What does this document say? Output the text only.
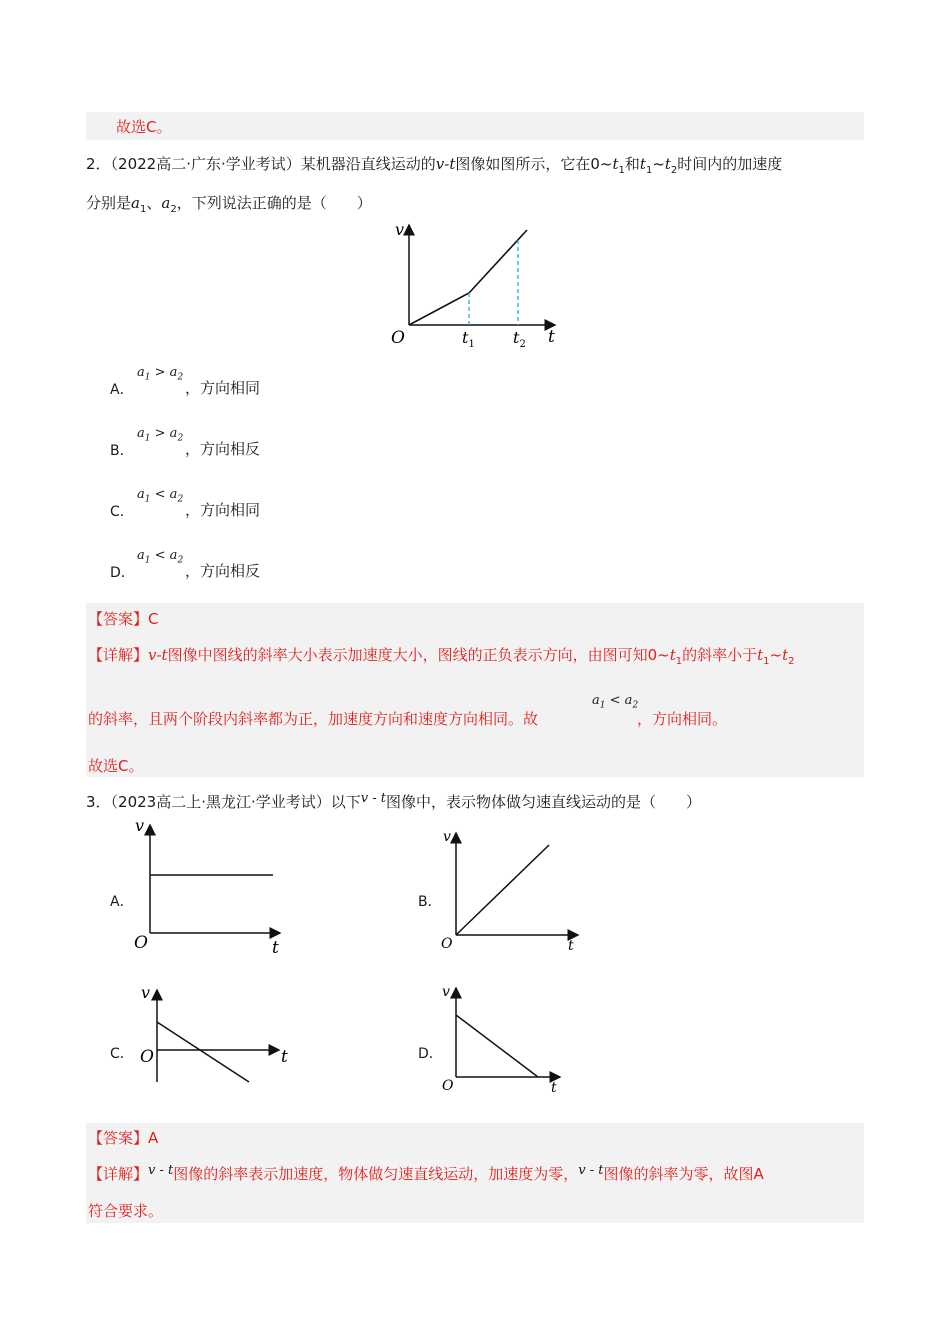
故选C。
2．（2022高二·广东·学业考试）某机器沿直线运动的v-t图像如图所示，它在$0\sim t_1$和$t_1\sim t_2$时间内的加速度
分别是$a_1$、$a_2$，下列说法正确的是（　　）
v
O	t
$t_1$ $t_2$
A．
$a_1 > a_2$
，方向相同
B．
$a_1 > a_2$
，方向相反
C．
$a_1 < a_2$
，方向相同
D．
$a_1 < a_2$
，方向相反
【答案】C
【详解】v-t图像中图线的斜率大小表示加速度大小，图线的正负表示方向，由图可知$0\sim t_1$的斜率小于$t_1\sim t_2$
的斜率，且两个阶段内斜率都为正，加速度方向和速度方向相同。故
$a_1 < a_2$
，方向相同。
故选C。
3．（2023高二上·黑龙江·学业考试）以下v - t图像中，表示物体做匀速直线运动的是（　　）
A．	B．
C．	D．
v
O	t
v
O	t
v
O	t
v
O	t
【答案】A
【详解】v - t图像的斜率表示加速度，物体做匀速直线运动，加速度为零，v - t图像的斜率为零，故图A
符合要求。
